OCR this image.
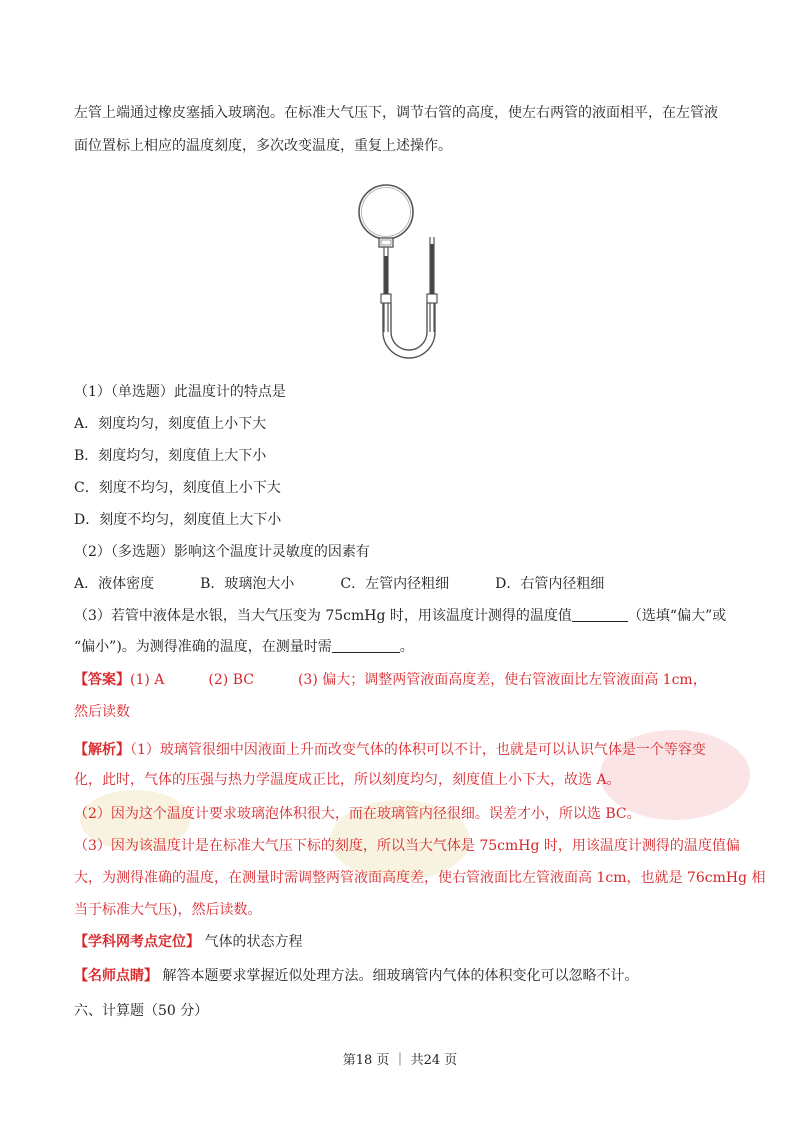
左管上端通过橡皮塞插入玻璃泡。在标准大气压下，调节右管的高度，使左右两管的液面相平，在左管液
面位置标上相应的温度刻度，多次改变温度，重复上述操作。
（1）（单选题）此温度计的特点是
A．刻度均匀，刻度值上小下大
B．刻度均匀，刻度值上大下小
C．刻度不均匀，刻度值上小下大
D．刻度不均匀，刻度值上大下小
（2）（多选题）影响这个温度计灵敏度的因素有
A．液体密度	B．玻璃泡大小	C．左管内径粗细	D．右管内径粗细
（3）若管中液体是水银，当大气压变为 75cmHg 时，用该温度计测得的温度值	（选填“偏大”或
“偏小”)。为测得准确的温度，在测量时需	。
【答案】(1) A	(2) BC	(3) 偏大；调整两管液面高度差，使右管液面比左管液面高 1cm，
然后读数
【解析】（1）玻璃管很细中因液面上升而改变气体的体积可以不计，也就是可以认识气体是一个等容变
化，此时，气体的压强与热力学温度成正比，所以刻度均匀，刻度值上小下大，故选 A。
（2）因为这个温度计要求玻璃泡体积很大，而在玻璃管内径很细。误差才小，所以选 BC。
（3）因为该温度计是在标准大气压下标的刻度，所以当大气体是 75cmHg 时，用该温度计测得的温度值偏
大，为测得准确的温度，在测量时需调整两管液面高度差，使右管液面比左管液面高 1cm，也就是 76cmHg 相
当于标准大气压)，然后读数。
【学科网考点定位】 气体的状态方程
【名师点睛】 解答本题要求掌握近似处理方法。细玻璃管内气体的体积变化可以忽略不计。
六、计算题（50 分）
第18 页 ｜ 共24 页
